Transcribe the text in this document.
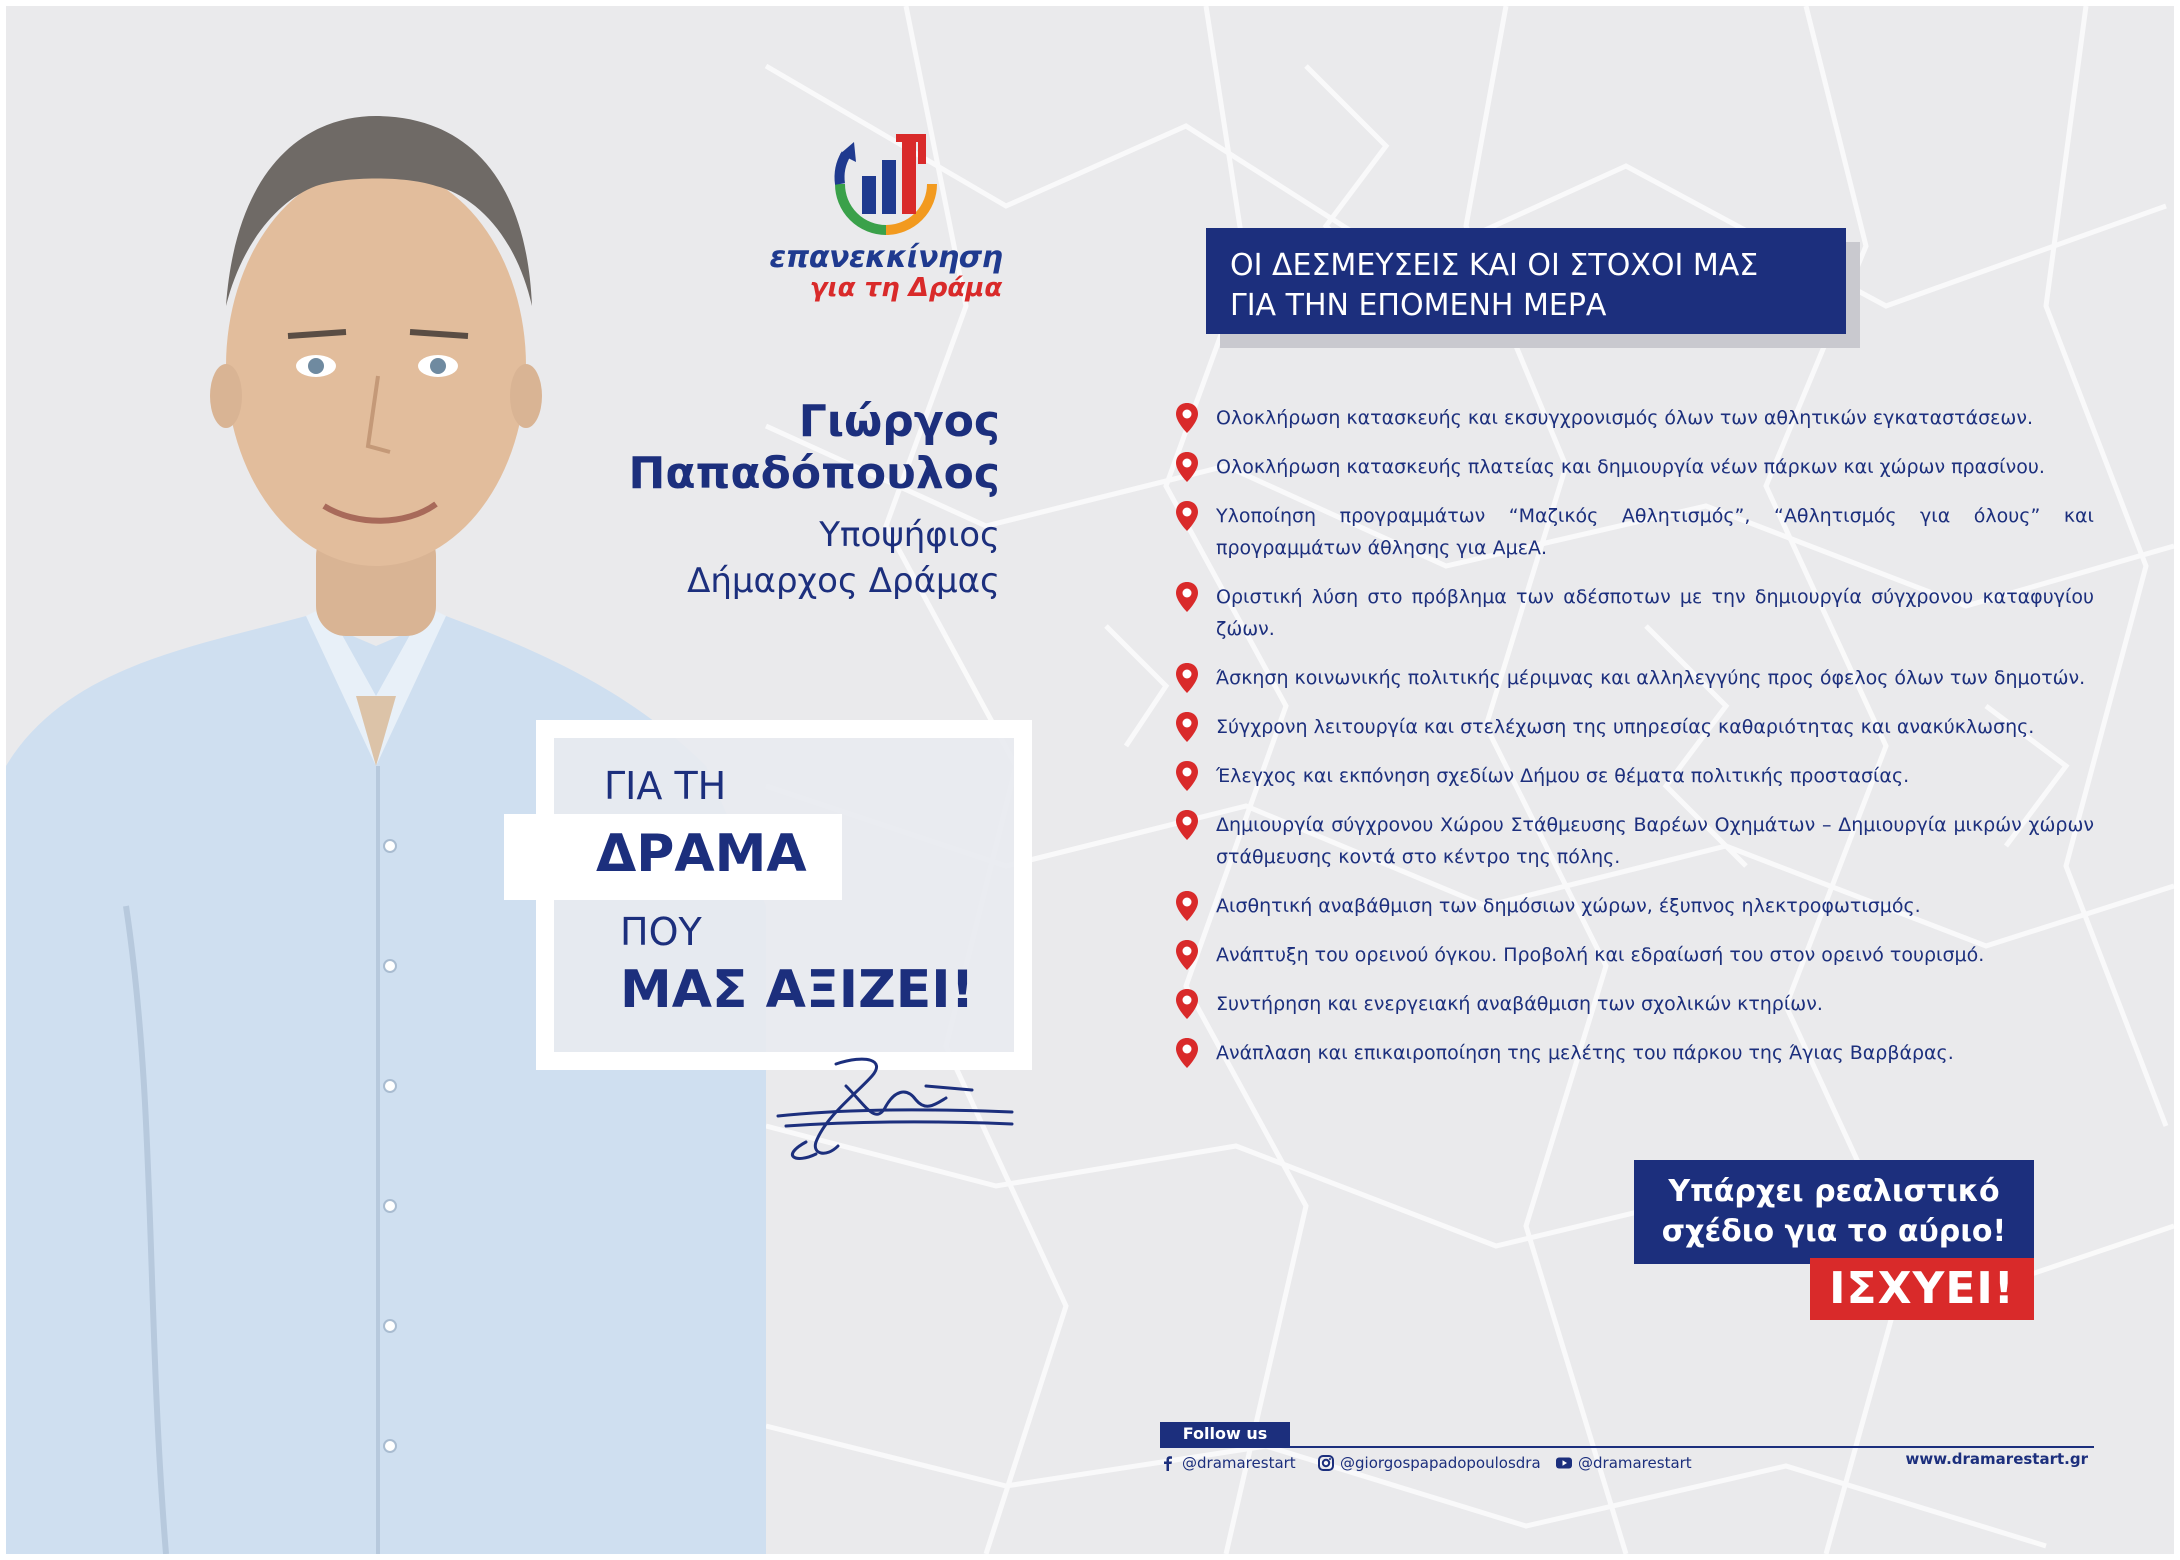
επανεκκίνηση
για τη Δράμα
Γιώργος
Παπαδόπουλος
Υποψήφιος
Δήμαρχος Δράμας
ΓΙΑ ΤΗ
ΔΡΑΜΑ
ΠΟΥ
ΜΑΣ ΑΞΙΖΕΙ!
ΟΙ ΔΕΣΜΕΥΣΕΙΣ ΚΑΙ ΟΙ ΣΤΟΧΟΙ ΜΑΣ
ΓΙΑ ΤΗΝ ΕΠΟΜΕΝΗ ΜΕΡΑ
Ολοκλήρωση κατασκευής και εκσυγχρονισμός όλων των αθλητικών εγκαταστάσεων.
Ολοκλήρωση κατασκευής πλατείας και δημιουργία νέων πάρκων και χώρων πρασίνου.
Υλοποίηση προγραμμάτων “Μαζικός Αθλητισμός”, “Αθλητισμός για όλους” και προγραμμάτων άθλησης για ΑμεΑ.
Οριστική λύση στο πρόβλημα των αδέσποτων με την δημιουργία σύγχρονου καταφυγίου ζώων.
Άσκηση κοινωνικής πολιτικής μέριμνας και αλληλεγγύης προς όφελος όλων των δημοτών.
Σύγχρονη λειτουργία και στελέχωση της υπηρεσίας καθαριότητας και ανακύκλωσης.
Έλεγχος και εκπόνηση σχεδίων Δήμου σε θέματα πολιτικής προστασίας.
Δημιουργία σύγχρονου Χώρου Στάθμευσης Βαρέων Οχημάτων – Δημιουργία μικρών χώρων στάθμευσης κοντά στο κέντρο της πόλης.
Αισθητική αναβάθμιση των δημόσιων χώρων, έξυπνος ηλεκτροφωτισμός.
Ανάπτυξη του ορεινού όγκου. Προβολή και εδραίωσή του στον ορεινό τουρισμό.
Συντήρηση και ενεργειακή αναβάθμιση των σχολικών κτηρίων.
Ανάπλαση και επικαιροποίηση της μελέτης του πάρκου της Άγιας Βαρβάρας.
Υπάρχει ρεαλιστικό
σχέδιο για το αύριο!
ΙΣΧΥΕΙ!
Follow us
@dramarestart	@giorgospapadopoulosdra @dramarestart	www.dramarestart.gr
